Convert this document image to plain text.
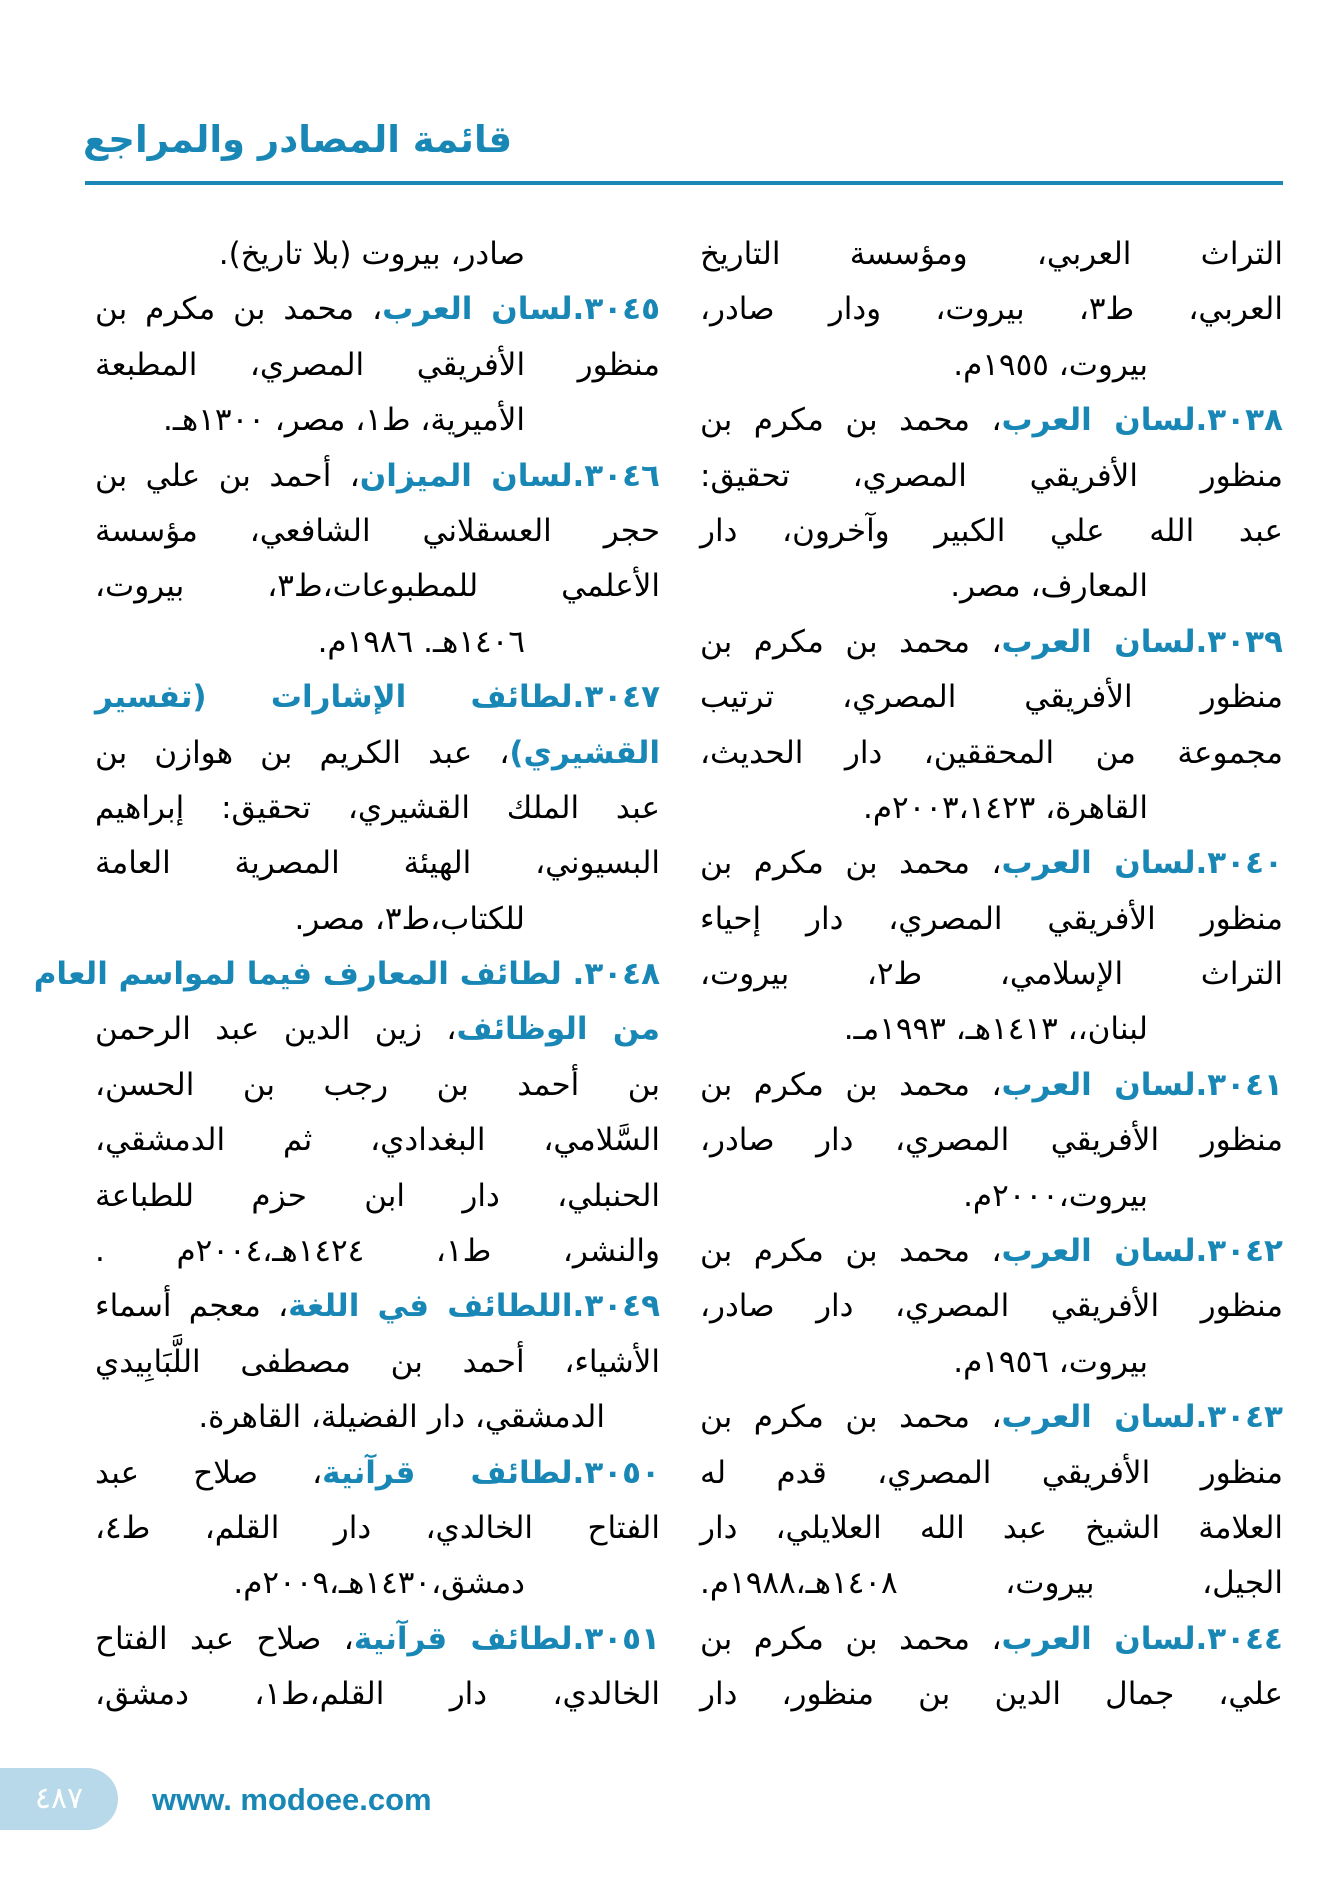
قائمة المصادر والمراجع
التراث العربي، ومؤسسة التاريخ
العربي، ط٣، بيروت، ودار صادر،
بيروت، ١٩٥٥م.
٣٠٣٨.لسان العرب، محمد بن مكرم بن
منظور الأفريقي المصري، تحقيق:
عبد الله علي الكبير وآخرون، دار
المعارف، مصر.
٣٠٣٩.لسان العرب، محمد بن مكرم بن
منظور الأفريقي المصري، ترتيب
مجموعة من المحققين، دار الحديث،
القاهرة، ٢٠٠٣،١٤٢٣م.
٣٠٤٠.لسان العرب، محمد بن مكرم بن
منظور الأفريقي المصري، دار إحياء
التراث الإسلامي، ط٢، بيروت،
لبنان،، ١٤١٣هـ، ١٩٩٣مـ.
٣٠٤١.لسان العرب، محمد بن مكرم بن
منظور الأفريقي المصري، دار صادر،
بيروت،٢٠٠٠م.
٣٠٤٢.لسان العرب، محمد بن مكرم بن
منظور الأفريقي المصري، دار صادر،
بيروت، ١٩٥٦م.
٣٠٤٣.لسان العرب، محمد بن مكرم بن
منظور الأفريقي المصري، قدم له
العلامة الشيخ عبد الله العلايلي، دار
الجيل، بيروت، ١٤٠٨هـ،١٩٨٨م.
٣٠٤٤.لسان العرب، محمد بن مكرم بن
علي، جمال الدين بن منظور، دار
صادر، بيروت (بلا تاريخ).
٣٠٤٥.لسان العرب، محمد بن مكرم بن
منظور الأفريقي المصري، المطبعة
الأميرية، ط١، مصر، ١٣٠٠هـ.
٣٠٤٦.لسان الميزان، أحمد بن علي بن
حجر العسقلاني الشافعي، مؤسسة
الأعلمي للمطبوعات،ط٣، بيروت،
١٤٠٦هـ. ١٩٨٦م.
٣٠٤٧.لطائف الإشارات (تفسير
القشيري)، عبد الكريم بن هوازن بن
عبد الملك القشيري، تحقيق: إبراهيم
البسيوني، الهيئة المصرية العامة
للكتاب،ط٣، مصر.
٣٠٤٨. لطائف المعارف فيما لمواسم العام
من الوظائف، زين الدين عبد الرحمن
بن أحمد بن رجب بن الحسن،
السَّلامي، البغدادي، ثم الدمشقي،
الحنبلي، دار ابن حزم للطباعة
والنشر، ط١، ١٤٢٤هـ،٢٠٠٤م .
٣٠٤٩.اللطائف في اللغة، معجم أسماء
الأشياء، أحمد بن مصطفى اللَّبَابِيدي
الدمشقي، دار الفضيلة، القاهرة.
٣٠٥٠.لطائف قرآنية، صلاح عبد
الفتاح الخالدي، دار القلم، ط٤،
دمشق،١٤٣٠هـ،٢٠٠٩م.
٣٠٥١.لطائف قرآنية، صلاح عبد الفتاح
الخالدي، دار القلم،ط١، دمشق،
٤٨٧	www. modoee.com
